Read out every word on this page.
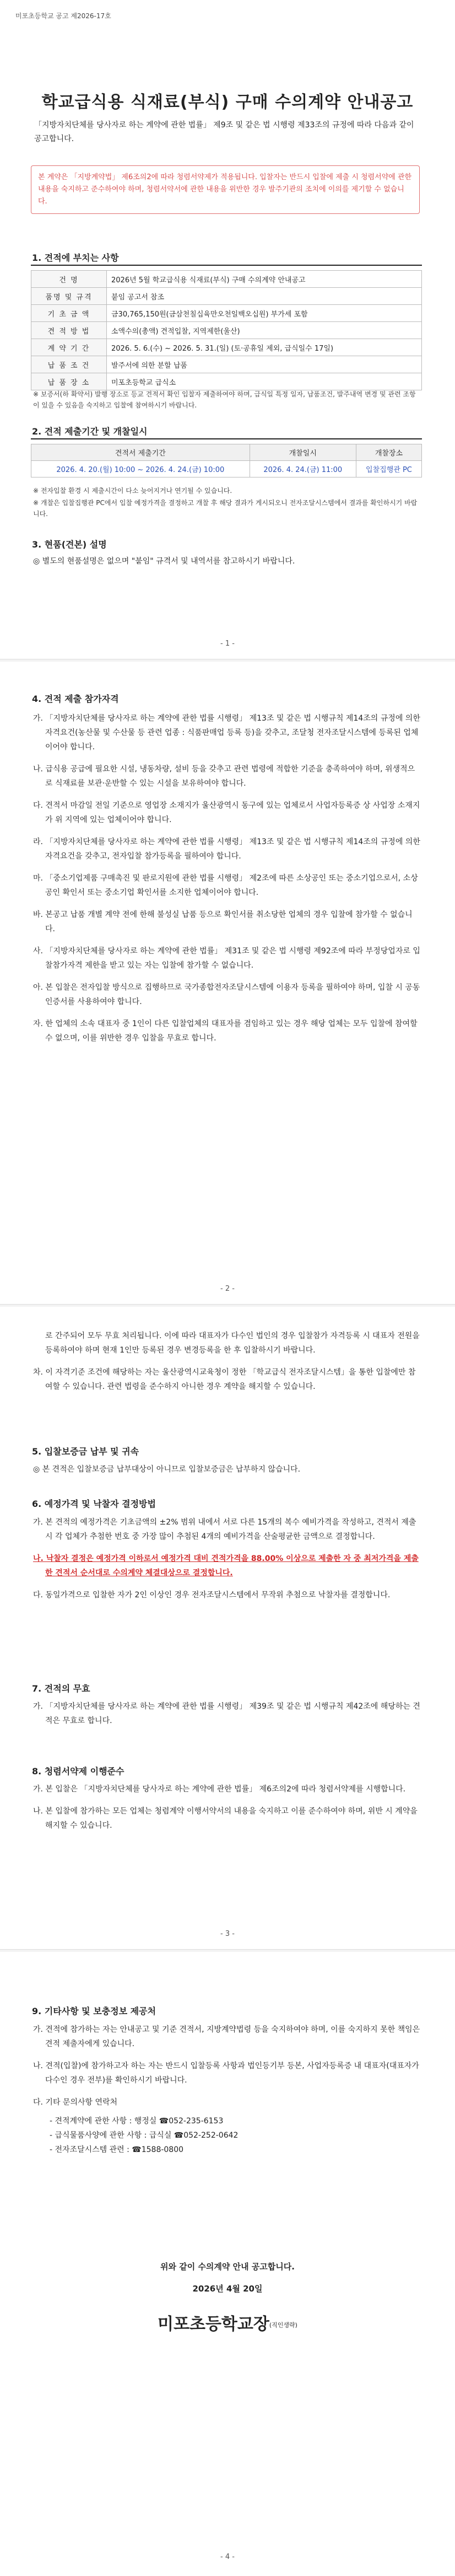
미포초등학교 공고 제2026-17호
학교급식용 식재료(부식) 구매 수의계약 안내공고
「지방자치단체를 당사자로 하는 계약에 관한 법률」 제9조 및 같은 법 시행령 제33조의 규정에 따라 다음과 같이 공고합니다.
본 계약은 「지방계약법」 제6조의2에 따라 청렴서약제가 적용됩니다. 입찰자는 반드시 입찰에 제출 시 청렴서약에 관한 내용을 숙지하고 준수하여야 하며, 청렴서약서에 관한 내용을 위반한 경우 발주기관의 조치에 이의를 제기할 수 없습니다.
1. 견적에 부치는 사항
건 명	2026년 5월 학교급식용 식재료(부식) 구매 수의계약 안내공고
품명 및 규격	붙임 공고서 참조
기 초 금 액	금30,765,150원(금삼천칠십육만오천일백오십원) 부가세 포함
견 적 방 법	소액수의(총액) 견적입찰, 지역제한(울산)
계 약 기 간	2026. 5. 6.(수) ~ 2026. 5. 31.(일) (토·공휴일 제외, 급식일수 17일)
납 품 조 건	발주서에 의한 분할 납품
납 품 장 소	미포초등학교 급식소
※ 보증서(하 확약서) 발행 장소로 등교 견적서 확인 입찰자 제출하여야 하며, 급식일 특정 일자, 납품조건, 발주내역 변경 및 관련 조항이 있을 수 있음을 숙지하고 입찰에 참여하시기 바랍니다.
2. 견적 제출기간 및 개찰일시
견적서 제출기간	개찰일시	개찰장소
2026. 4. 20.(월) 10:00 ~ 2026. 4. 24.(금) 10:00	2026. 4. 24.(금) 11:00	입찰집행관 PC
※ 전자입찰 환경 시 제출시간이 다소 늦어지거나 연기될 수 있습니다.
※ 개찰은 입찰집행관 PC에서 입찰 예정가격을 결정하고 개찰 후 해당 결과가 게시되오니 전자조달시스템에서 결과를 확인하시기 바랍니다.
3. 현품(견본) 설명
◎ 별도의 현품설명은 없으며 "붙임" 규격서 및 내역서를 참고하시기 바랍니다.
- 1 -
4. 견적 제출 참가자격
가. 「지방자치단체를 당사자로 하는 계약에 관한 법률 시행령」 제13조 및 같은 법 시행규칙 제14조의 규정에 의한 자격요건(농산물 및 수산물 등 관련 업종 : 식품판매업 등록 등)을 갖추고, 조달청 전자조달시스템에 등록된 업체이어야 합니다.
나. 급식용 공급에 필요한 시설, 냉동차량, 설비 등을 갖추고 관련 법령에 적합한 기준을 충족하여야 하며, 위생적으로 식재료를 보관·운반할 수 있는 시설을 보유하여야 합니다.
다. 견적서 마감일 전일 기준으로 영업장 소재지가 울산광역시 동구에 있는 업체로서 사업자등록증 상 사업장 소재지가 위 지역에 있는 업체이어야 합니다.
라. 「지방자치단체를 당사자로 하는 계약에 관한 법률 시행령」 제13조 및 같은 법 시행규칙 제14조의 규정에 의한 자격요건을 갖추고, 전자입찰 참가등록을 필하여야 합니다.
마. 「중소기업제품 구매촉진 및 판로지원에 관한 법률 시행령」 제2조에 따른 소상공인 또는 중소기업으로서, 소상공인 확인서 또는 중소기업 확인서를 소지한 업체이어야 합니다.
바. 본공고 납품 개별 계약 전에 한해 불성실 납품 등으로 확인서를 취소당한 업체의 경우 입찰에 참가할 수 없습니다.
사. 「지방자치단체를 당사자로 하는 계약에 관한 법률」 제31조 및 같은 법 시행령 제92조에 따라 부정당업자로 입찰참가자격 제한을 받고 있는 자는 입찰에 참가할 수 없습니다.
아. 본 입찰은 전자입찰 방식으로 집행하므로 국가종합전자조달시스템에 이용자 등록을 필하여야 하며, 입찰 시 공동인증서를 사용하여야 합니다.
자. 한 업체의 소속 대표자 중 1인이 다른 입찰업체의 대표자를 겸임하고 있는 경우 해당 업체는 모두 입찰에 참여할 수 없으며, 이를 위반한 경우 입찰을 무효로 합니다.
- 2 -
로 간주되어 모두 무효 처리됩니다. 이에 따라 대표자가 다수인 법인의 경우 입찰참가 자격등록 시 대표자 전원을 등록하여야 하며 현재 1인만 등록된 경우 변경등록을 한 후 입찰하시기 바랍니다.
차. 이 자격기준 조건에 해당하는 자는 울산광역시교육청이 정한 「학교급식 전자조달시스템」을 통한 입찰에만 참여할 수 있습니다. 관련 법령을 준수하지 아니한 경우 계약을 해지할 수 있습니다.
5. 입찰보증금 납부 및 귀속
◎ 본 견적은 입찰보증금 납부대상이 아니므로 입찰보증금은 납부하지 않습니다.
6. 예정가격 및 낙찰자 결정방법
가. 본 견적의 예정가격은 기초금액의 ±2% 범위 내에서 서로 다른 15개의 복수 예비가격을 작성하고, 견적서 제출 시 각 업체가 추첨한 번호 중 가장 많이 추첨된 4개의 예비가격을 산술평균한 금액으로 결정합니다.
나. 낙찰자 결정은 예정가격 이하로서 예정가격 대비 견적가격을 88.00% 이상으로 제출한 자 중 최저가격을 제출한 견적서 순서대로 수의계약 체결대상으로 결정합니다.
다. 동일가격으로 입찰한 자가 2인 이상인 경우 전자조달시스템에서 무작위 추첨으로 낙찰자를 결정합니다.
7. 견적의 무효
가. 「지방자치단체를 당사자로 하는 계약에 관한 법률 시행령」 제39조 및 같은 법 시행규칙 제42조에 해당하는 견적은 무효로 합니다.
8. 청렴서약제 이행준수
가. 본 입찰은 「지방자치단체를 당사자로 하는 계약에 관한 법률」 제6조의2에 따라 청렴서약제를 시행합니다.
나. 본 입찰에 참가하는 모든 업체는 청렴계약 이행서약서의 내용을 숙지하고 이를 준수하여야 하며, 위반 시 계약을 해지할 수 있습니다.
- 3 -
9. 기타사항 및 보충정보 제공처
가. 견적에 참가하는 자는 안내공고 및 기준 견적서, 지방계약법령 등을 숙지하여야 하며, 이를 숙지하지 못한 책임은 견적 제출자에게 있습니다.
나. 견적(입찰)에 참가하고자 하는 자는 반드시 입찰등록 사항과 법인등기부 등본, 사업자등록증 내 대표자(대표자가 다수인 경우 전부)를 확인하시기 바랍니다.
다. 기타 문의사항 연락처
- 견적계약에 관한 사항 : 행정실 ☎052-235-6153
- 급식물품사양에 관한 사항 : 급식실 ☎052-252-0642
- 전자조달시스템 관련 : ☎1588-0800
위와 같이 수의계약 안내 공고합니다.
2026년 4월 20일
미포초등학교장(직인생략)
- 4 -
